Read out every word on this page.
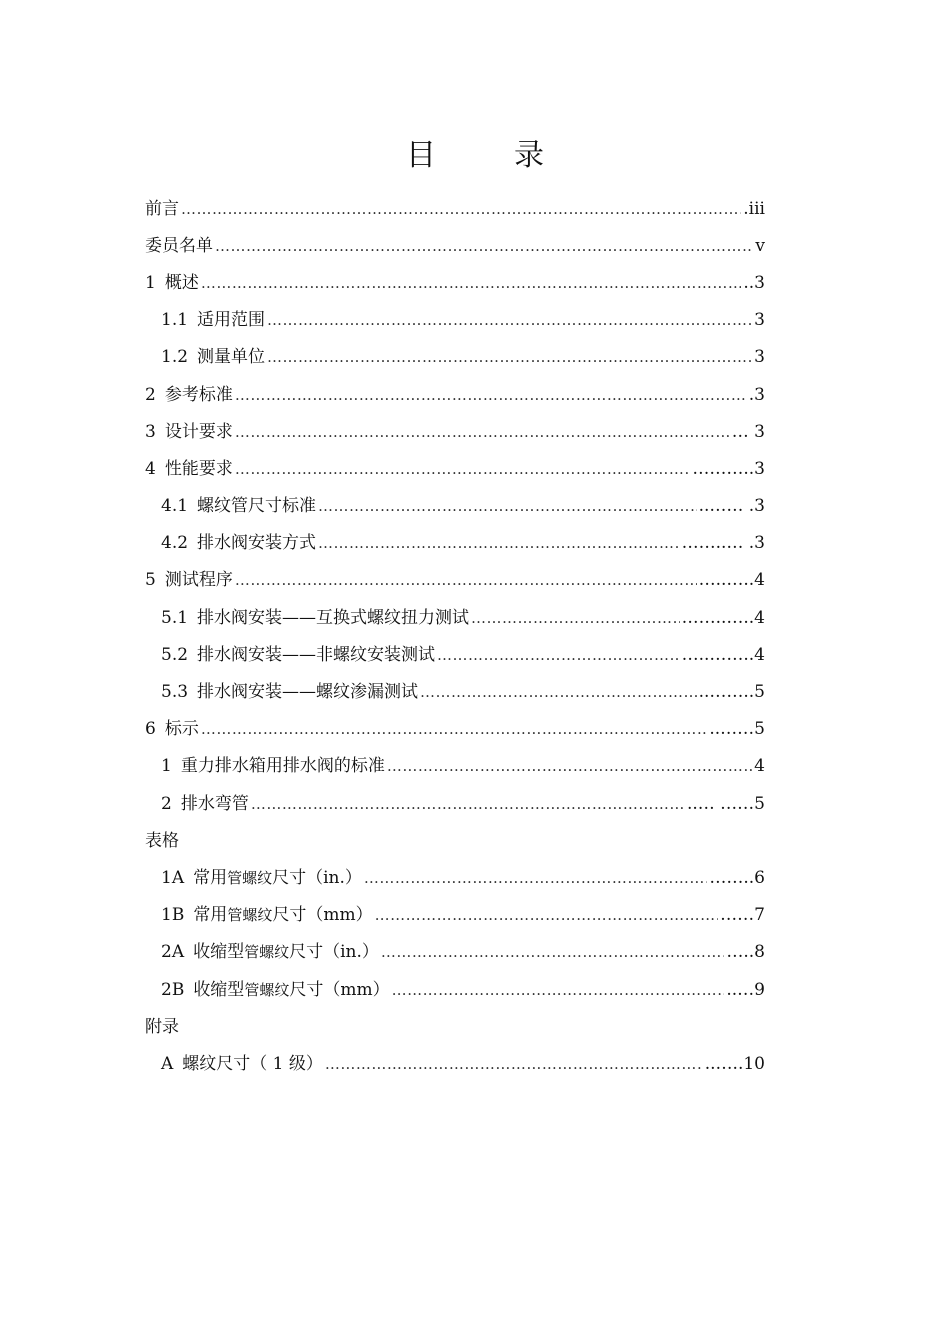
目录
前言 ……………………………………………………………………………………………………………………………………………………………………	.iii
委员名单 ……………………………………………………………………………………………………………………………………………………………………	v
1 概述 ……………………………………………………………………………………………………………………………………………………………………	..3
1.1 适用范围 ……………………………………………………………………………………………………………………………………………………………………	3
1.2 测量单位 ……………………………………………………………………………………………………………………………………………………………………	3
2 参考标准 ……………………………………………………………………………………………………………………………………………………………………	.3
3 设计要求 ……………………………………………………………………………………………………………………………………………………………………	… 3
4 性能要求 ……………………………………………………………………………………………………………………………………………………………………	………..3
4.1 螺纹管尺寸标准 ……………………………………………………………………………………………………………………………………………………………………	..…… .3
4.2 排水阀安装方式 ……………………………………………………………………………………………………………………………………………………………………	……..… .3
5 测试程序 ……………………………………………………………………………………………………………………………………………………………………	…..…..4
5.1 排水阀安装——互换式螺纹扭力测试 ……………………………………………………………………………………………………………………………………………………………………	……..…..4
5.2 排水阀安装——非螺纹安装测试 ……………………………………………………………………………………………………………………………………………………………………	…..……..4
5.3 排水阀安装——螺纹渗漏测试 ……………………………………………………………………………………………………………………………………………………………………	..……..5
6 标示 ……………………………………………………………………………………………………………………………………………………………………	..……5
1 重力排水箱用排水阀的标准 ……………………………………………………………………………………………………………………………………………………………………	4
2 排水弯管 ……………………………………………………………………………………………………………………………………………………………………	..… ……5
表格
1A 常用管螺纹尺寸（in.） ……………………………………………………………………………………………………………………………………………………………………	……..6
1B 常用管螺纹尺寸（mm） ……………………………………………………………………………………………………………………………………………………………………	……7
2A 收缩型管螺纹尺寸（in.） ……………………………………………………………………………………………………………………………………………………………………	…..8
2B 收缩型管螺纹尺寸（mm） ……………………………………………………………………………………………………………………………………………………………………	..…9
附录
A 螺纹尺寸（ 1 级） ……………………………………………………………………………………………………………………………………………………………………	..…..10
